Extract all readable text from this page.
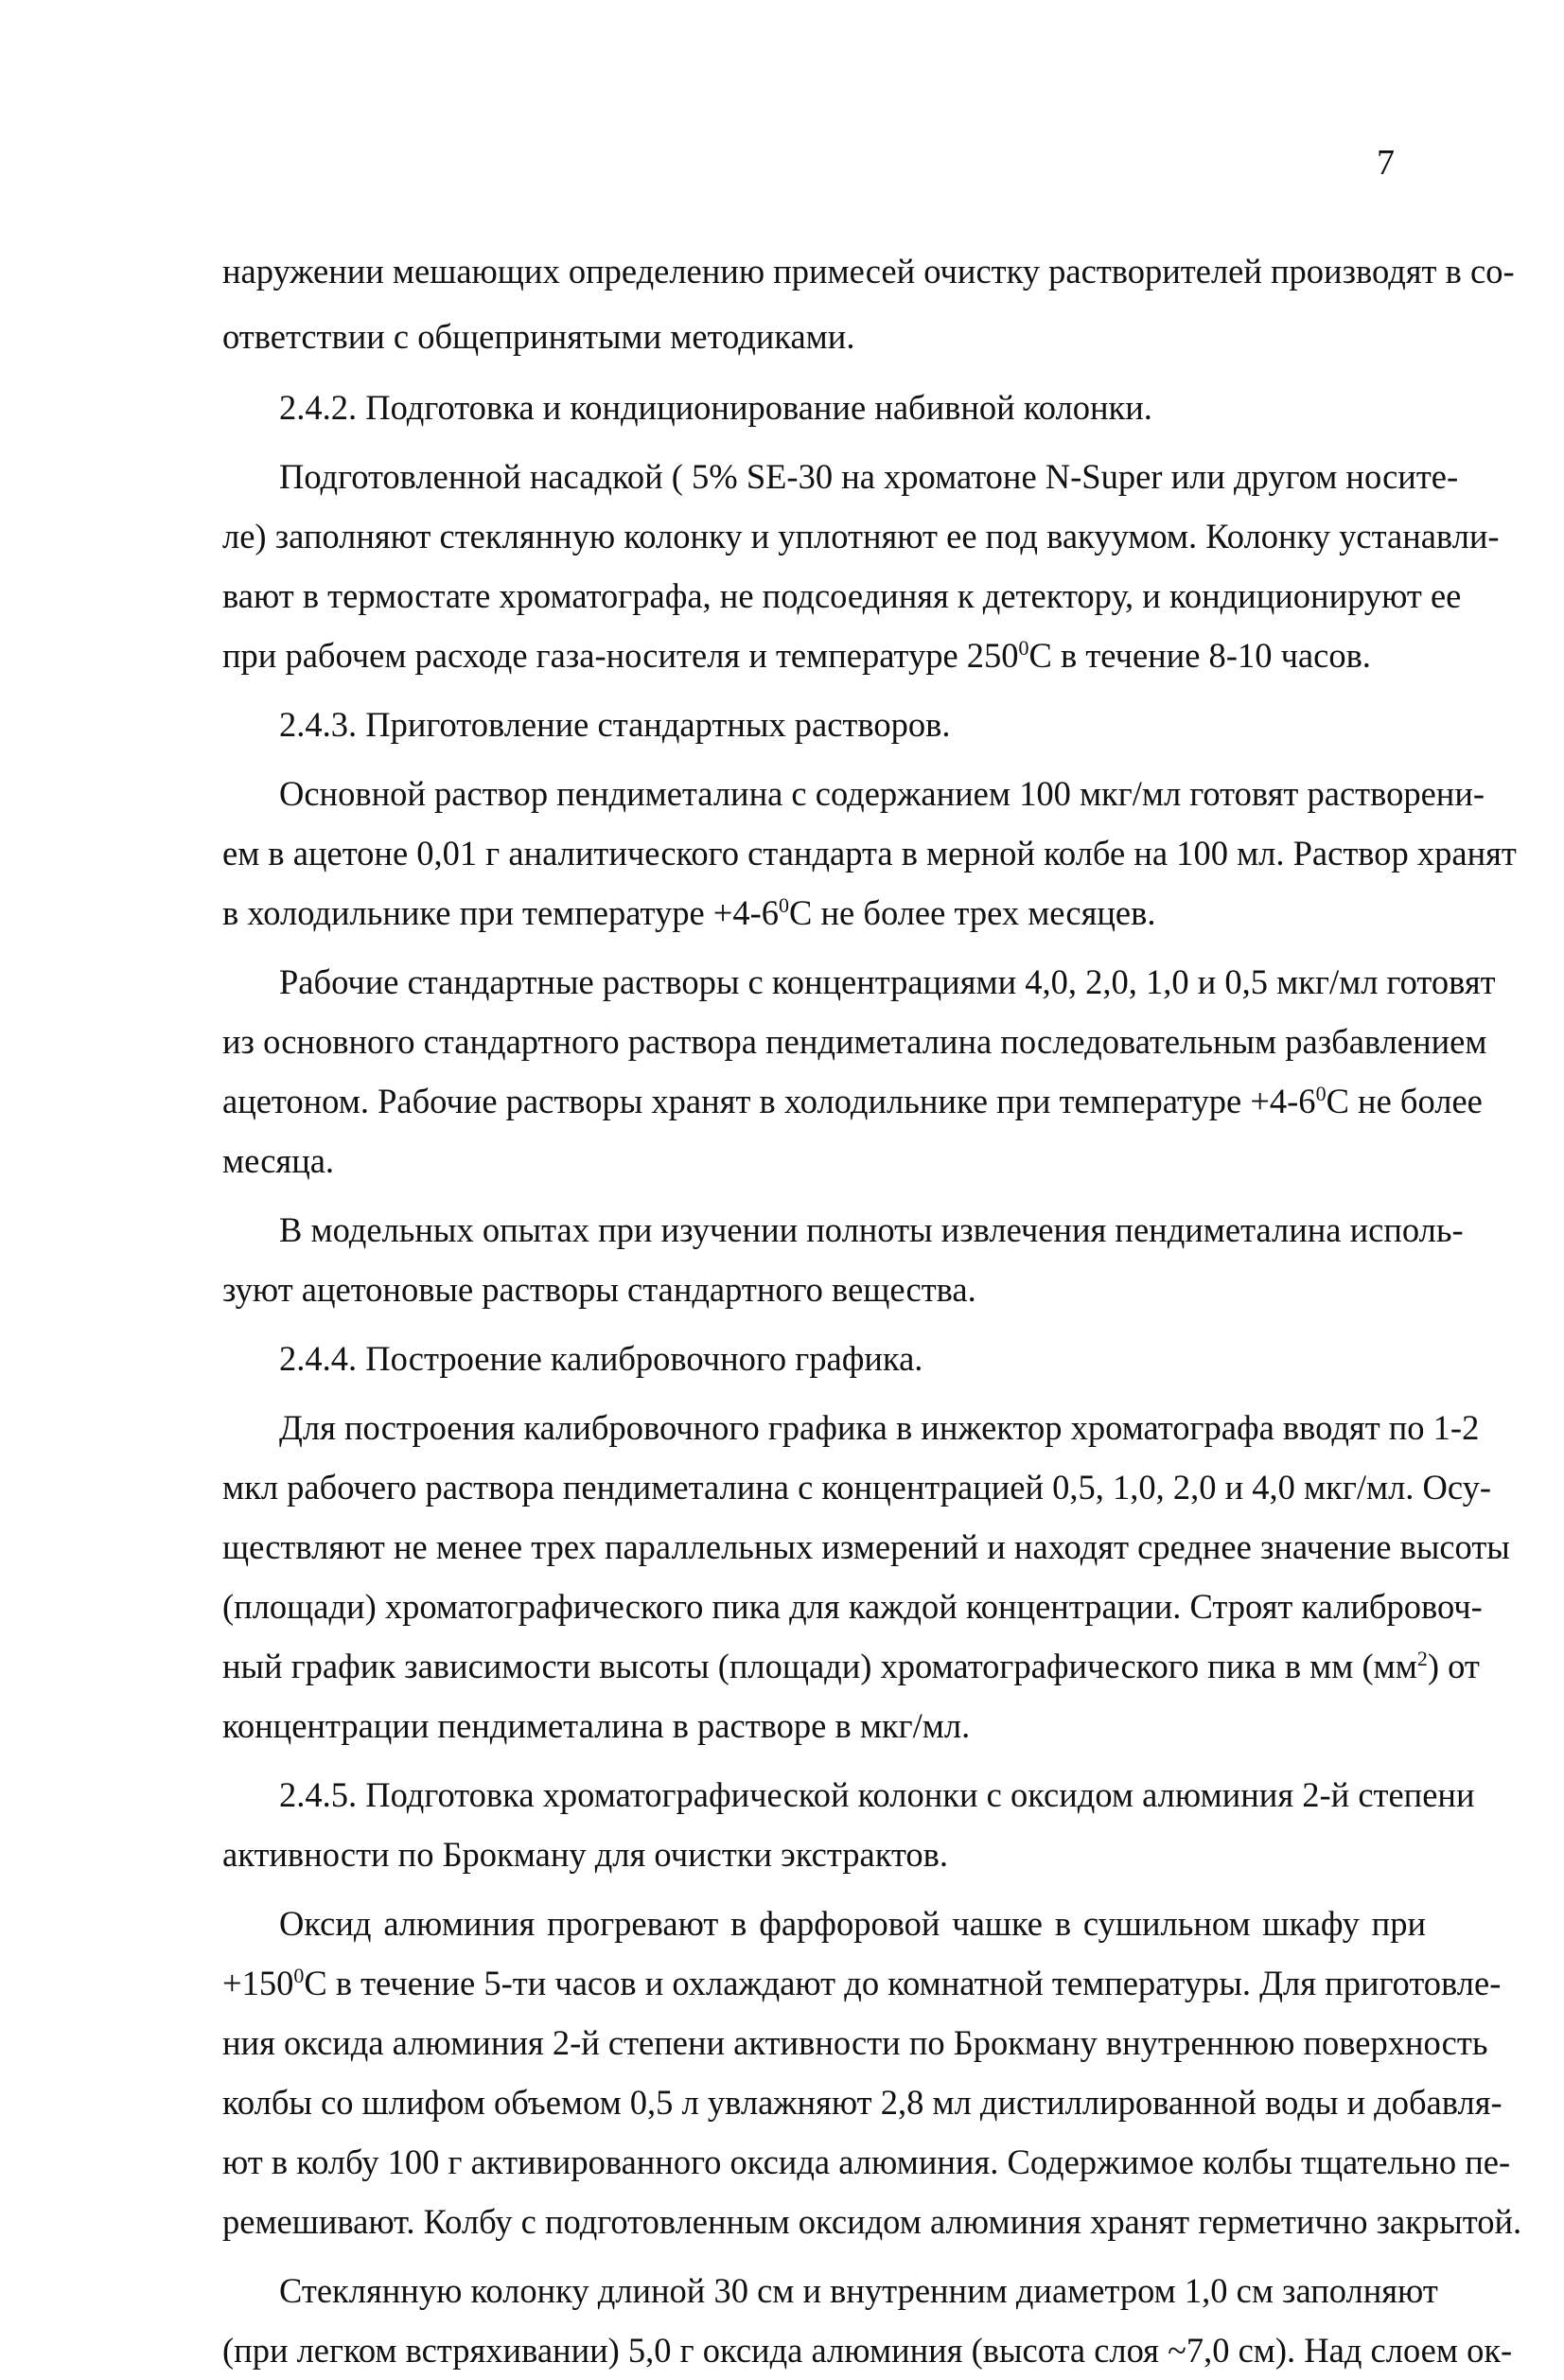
7
наружении мешающих определению примесей очистку растворителей производят в со-
ответствии с общепринятыми методиками.
2.4.2. Подготовка и кондиционирование набивной колонки.
Подготовленной насадкой ( 5% SE-30 на хроматоне N-Super или другом носите-
ле) заполняют стеклянную колонку и уплотняют ее под вакуумом. Колонку устанавли-
вают в термостате хроматографа, не подсоединяя к детектору, и кондиционируют ее
при рабочем расходе газа-носителя и температуре $250^0С$ в течение 8-10 часов.
2.4.3. Приготовление стандартных растворов.
Основной раствор пендиметалина с содержанием 100 мкг/мл готовят растворени-
ем в ацетоне 0,01 г аналитического стандарта в мерной колбе на 100 мл. Раствор хранят
в холодильнике при температуре $+4-6^0С$ не более трех месяцев.
Рабочие стандартные растворы с концентрациями 4,0, 2,0, 1,0 и 0,5 мкг/мл готовят
из основного стандартного раствора пендиметалина последовательным разбавлением
ацетоном. Рабочие растворы хранят в холодильнике при температуре $+4-6^0С$ не более
месяца.
В модельных опытах при изучении полноты извлечения пендиметалина исполь-
зуют ацетоновые растворы стандартного вещества.
2.4.4. Построение калибровочного графика.
Для построения калибровочного графика в инжектор хроматографа вводят по 1-2
мкл рабочего раствора пендиметалина с концентрацией 0,5, 1,0, 2,0 и 4,0 мкг/мл. Осу-
ществляют не менее трех параллельных измерений и находят среднее значение высоты
(площади) хроматографического пика для каждой концентрации. Строят калибровоч-
ный график зависимости высоты (площади) хроматографического пика в мм $(мм^2)$ от
концентрации пендиметалина в растворе в мкг/мл.
2.4.5. Подготовка хроматографической колонки с оксидом алюминия 2-й степени
активности по Брокману для очистки экстрактов.
Оксид алюминия прогревают в фарфоровой чашке в сушильном шкафу при
$+150^0С$ в течение 5-ти часов и охлаждают до комнатной температуры. Для приготовле-
ния оксида алюминия 2-й степени активности по Брокману внутреннюю поверхность
колбы со шлифом объемом 0,5 л увлажняют 2,8 мл дистиллированной воды и добавля-
ют в колбу 100 г активированного оксида алюминия. Содержимое колбы тщательно пе-
ремешивают. Колбу с подготовленным оксидом алюминия хранят герметично закрытой.
Стеклянную колонку длиной 30 см и внутренним диаметром 1,0 см заполняют
(при легком встряхивании) 5,0 г оксида алюминия (высота слоя ~7,0 см). Над слоем ок-
